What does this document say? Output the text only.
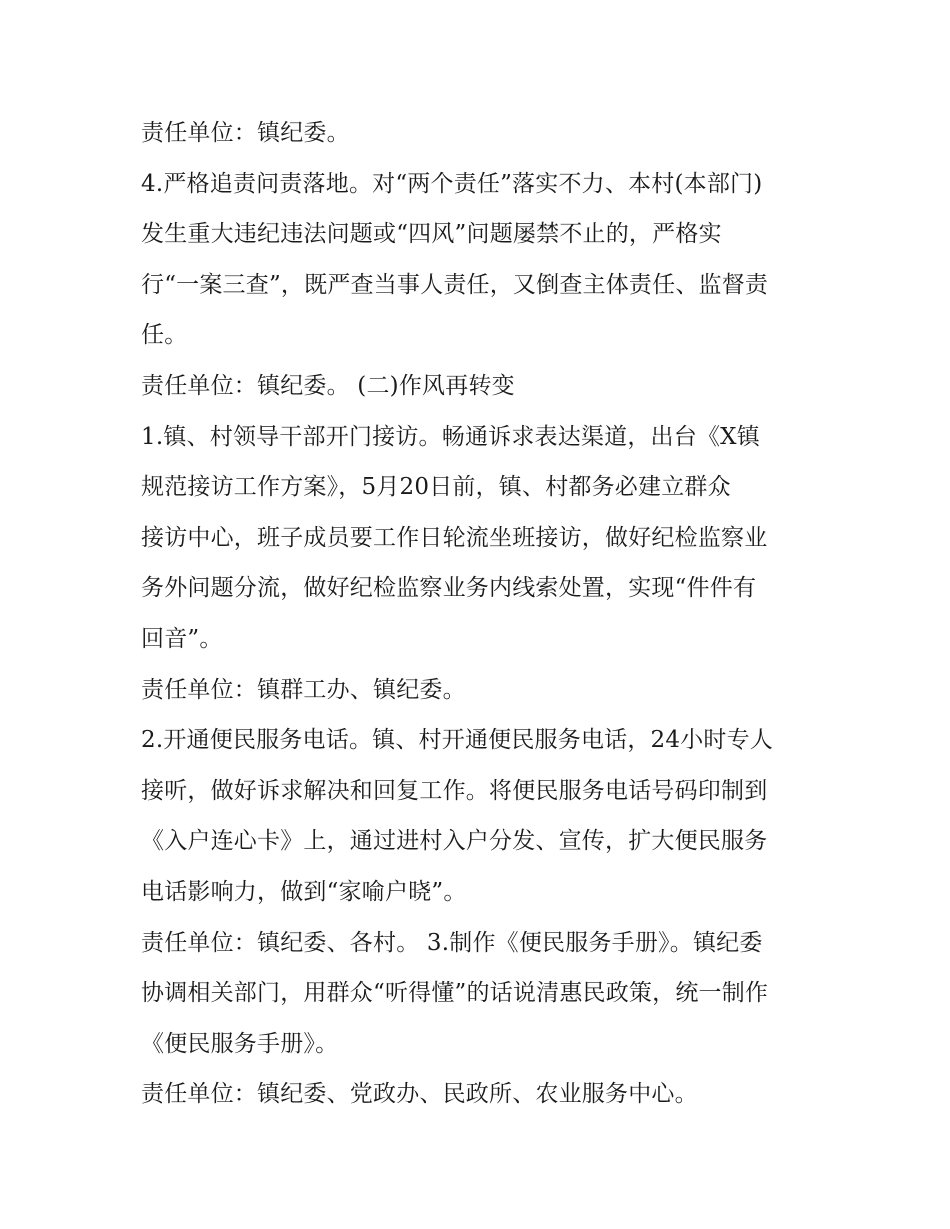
责任单位：镇纪委。
4.严格追责问责落地。对“两个责任”落实不力、本村(本部门)
发生重大违纪违法问题或“四风”问题屡禁不止的，严格实
行“一案三查”，既严查当事人责任，又倒查主体责任、监督责
任。
责任单位：镇纪委。 (二)作风再转变
1.镇、村领导干部开门接访。畅通诉求表达渠道，出台《X镇
规范接访工作方案》，5月20日前，镇、村都务必建立群众
接访中心，班子成员要工作日轮流坐班接访，做好纪检监察业
务外问题分流，做好纪检监察业务内线索处置，实现“件件有
回音”。
责任单位：镇群工办、镇纪委。
2.开通便民服务电话。镇、村开通便民服务电话，24小时专人
接听，做好诉求解决和回复工作。将便民服务电话号码印制到
《入户连心卡》上，通过进村入户分发、宣传，扩大便民服务
电话影响力，做到“家喻户晓”。
责任单位：镇纪委、各村。 3.制作《便民服务手册》。镇纪委
协调相关部门，用群众“听得懂”的话说清惠民政策，统一制作
《便民服务手册》。
责任单位：镇纪委、党政办、民政所、农业服务中心。
